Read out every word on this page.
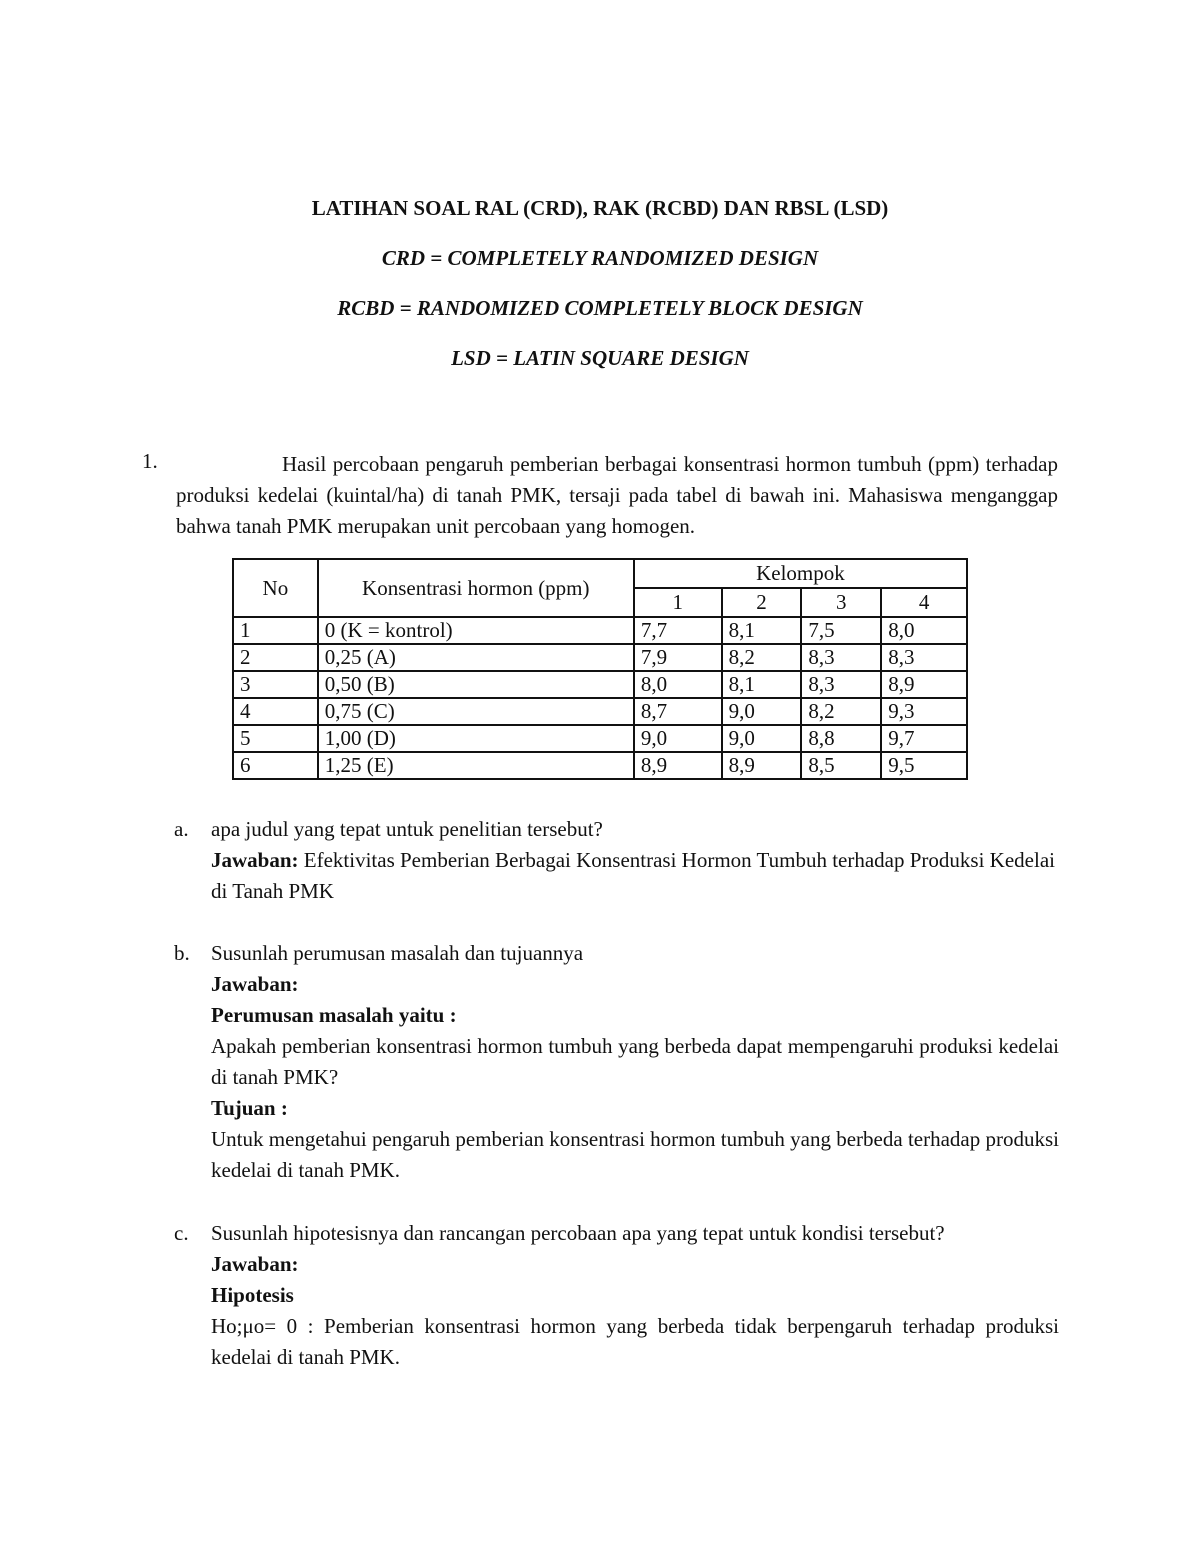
LATIHAN SOAL RAL (CRD), RAK (RCBD) DAN RBSL (LSD)
CRD = COMPLETELY RANDOMIZED DESIGN
RCBD = RANDOMIZED COMPLETELY BLOCK DESIGN
LSD = LATIN SQUARE DESIGN
1.	Hasil percobaan pengaruh pemberian berbagai konsentrasi hormon tumbuh (ppm) terhadap produksi kedelai (kuintal/ha) di tanah PMK, tersaji pada tabel di bawah ini. Mahasiswa menganggap bahwa tanah PMK merupakan unit percobaan yang homogen.
No	Konsentrasi hormon (ppm)	Kelompok			
		1	2	3	4
1	0 (K = kontrol)	7,7	8,1	7,5	8,0
2	0,25 (A)	7,9	8,2	8,3	8,3
3	0,50 (B)	8,0	8,1	8,3	8,9
4	0,75 (C)	8,7	9,0	8,2	9,3
5	1,00 (D)	9,0	9,0	8,8	9,7
6	1,25 (E)	8,9	8,9	8,5	9,5
a. apa judul yang tepat untuk penelitian tersebut?

Jawaban: Efektivitas Pemberian Berbagai Konsentrasi Hormon Tumbuh terhadap Produksi Kedelai di Tanah PMK

b. Susunlah perumusan masalah dan tujuannya

Jawaban:

Perumusan masalah yaitu :

Apakah pemberian konsentrasi hormon tumbuh yang berbeda dapat mempengaruhi produksi kedelai di tanah PMK?

Tujuan :

Untuk mengetahui pengaruh pemberian konsentrasi hormon tumbuh yang berbeda terhadap produksi kedelai di tanah PMK.

c. Susunlah hipotesisnya dan rancangan percobaan apa yang tepat untuk kondisi tersebut?

Jawaban:

Hipotesis

Ho;μo= 0 : Pemberian konsentrasi hormon yang berbeda tidak berpengaruh terhadap produksi kedelai di tanah PMK.
